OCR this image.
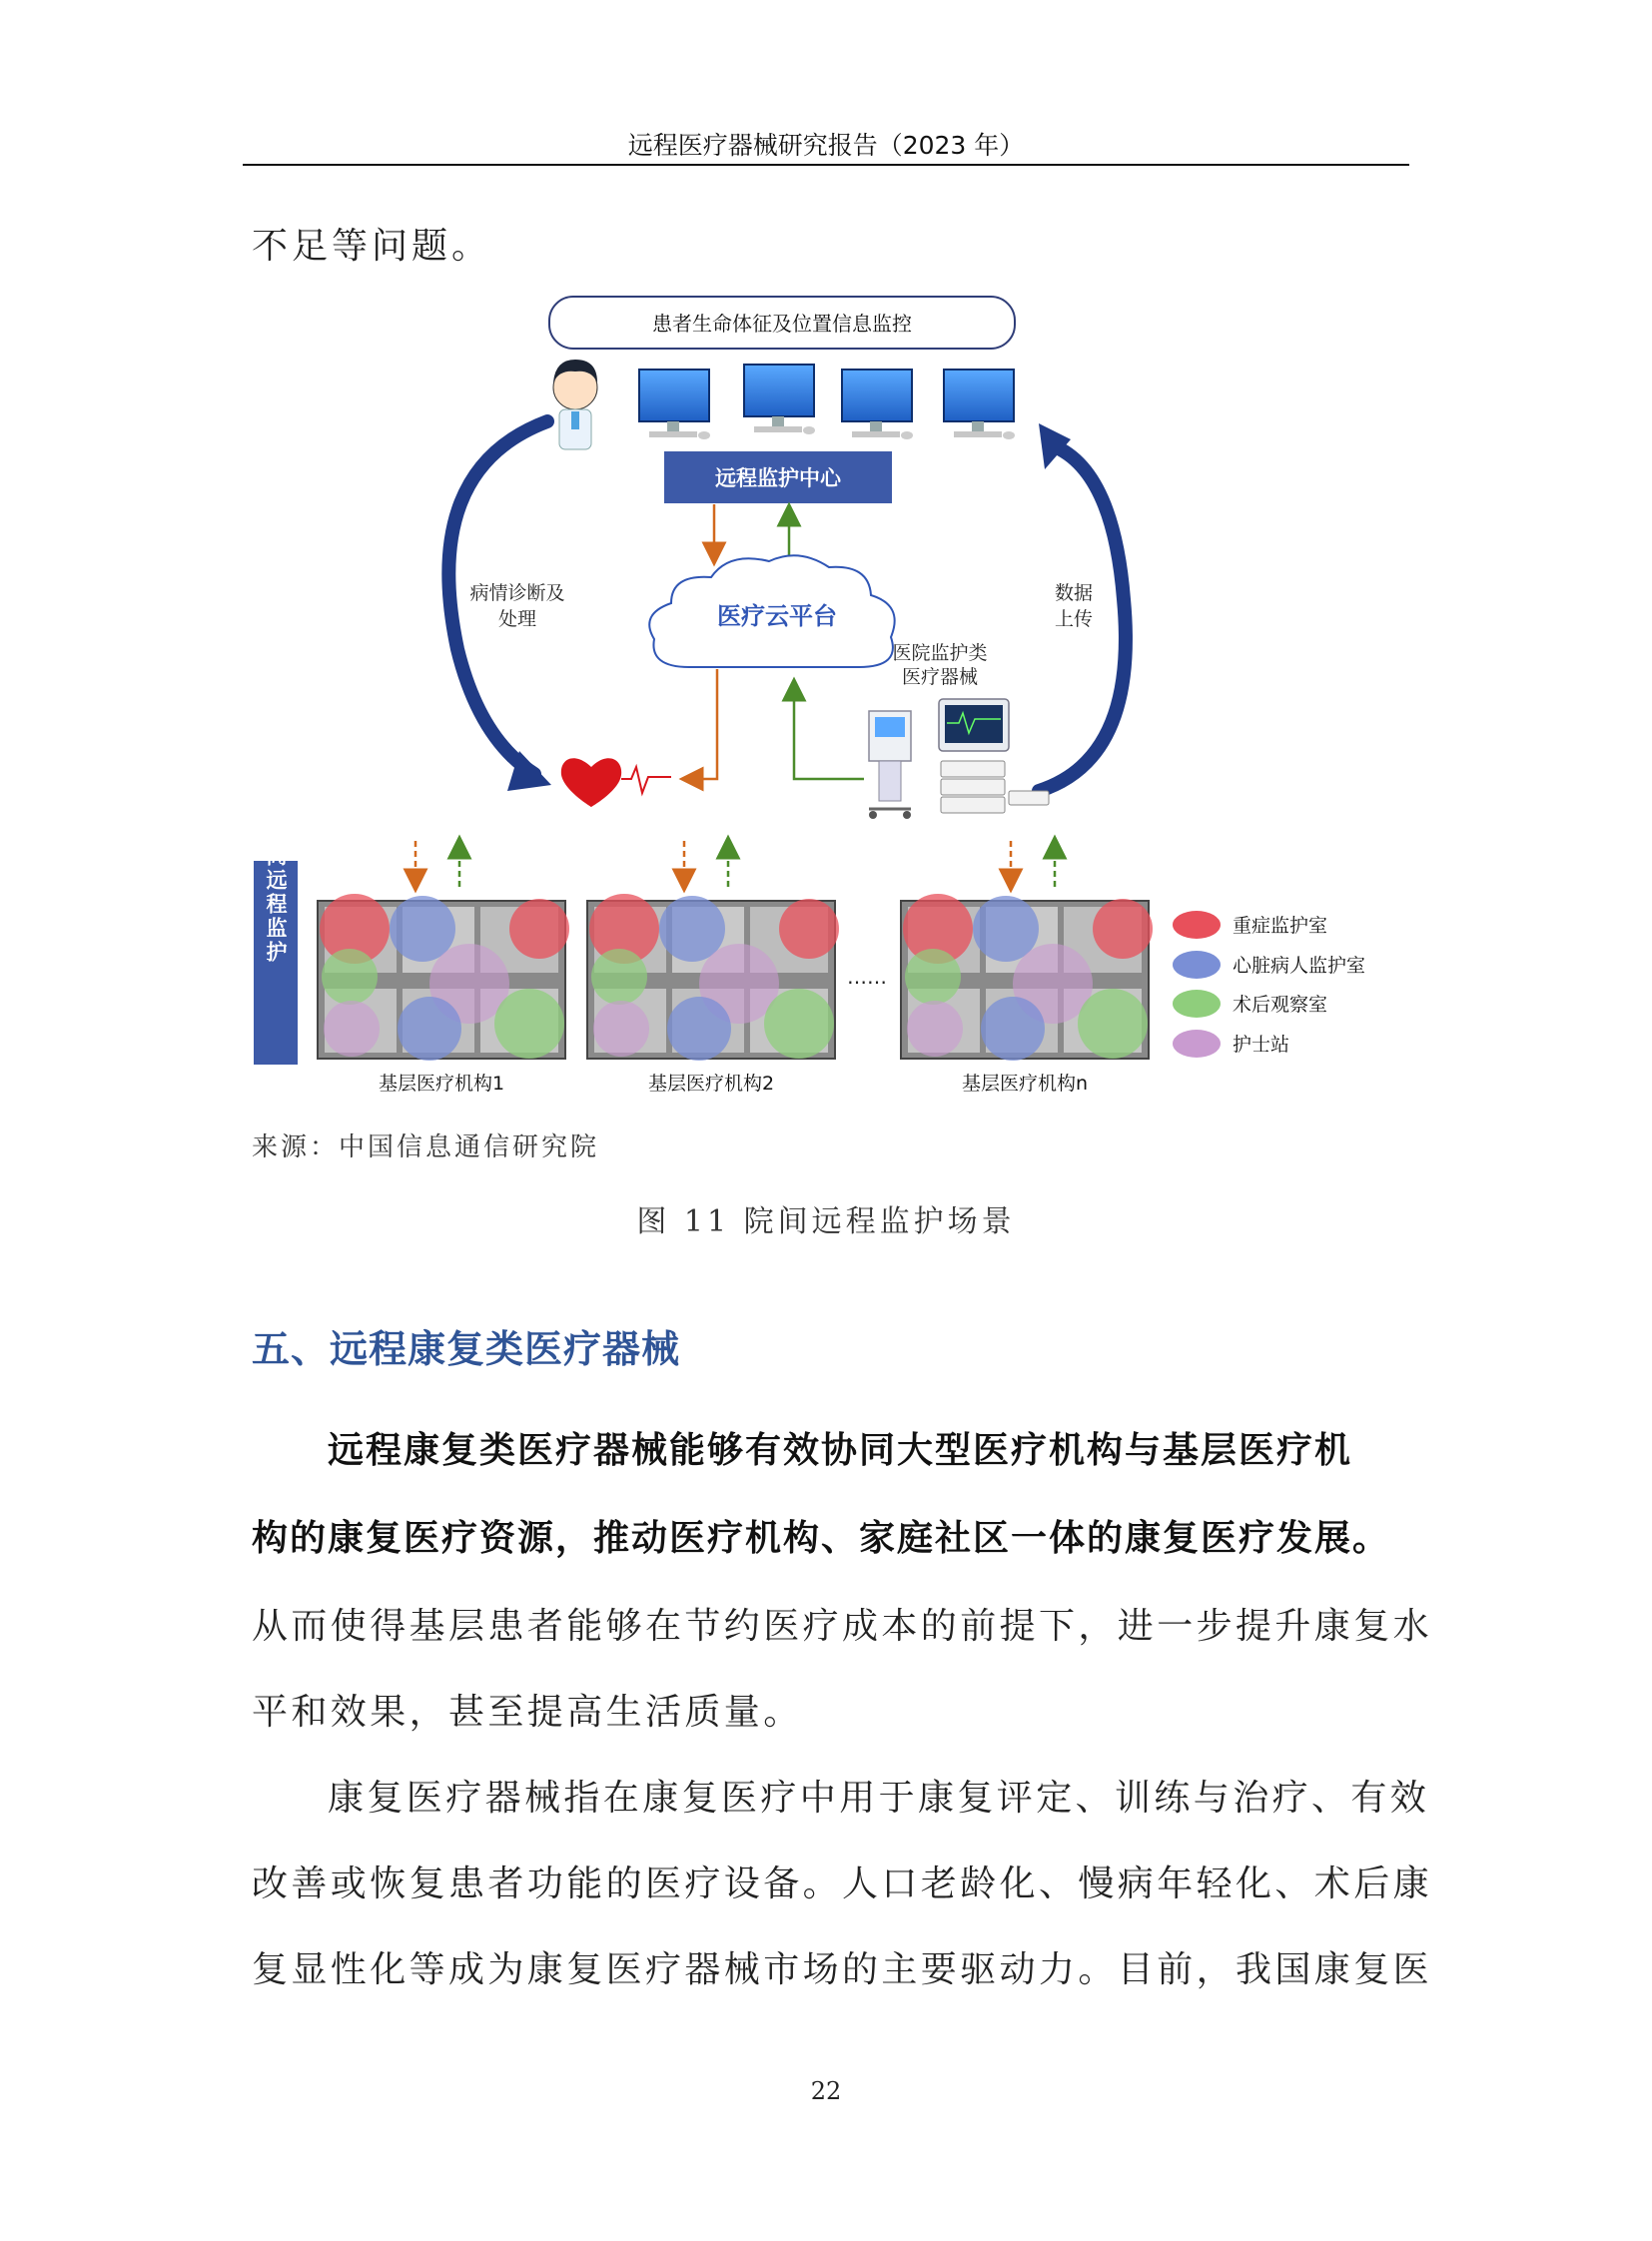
远程医疗器械研究报告（2023 年）
不足等问题。
患者生命体征及位置信息监控
远程监护中心
医疗云平台
病情诊断及
处理
数据
上传
医院监护类
医疗器械
院间远程监护
……
基层医疗机构1	基层医疗机构2	基层医疗机构n
重症监护室
心脏病人监护室
术后观察室
护士站
来源：中国信息通信研究院
图 11 院间远程监护场景
五、远程康复类医疗器械
远程康复类医疗器械能够有效协同大型医疗机构与基层医疗机
构的康复医疗资源，推动医疗机构、家庭社区一体的康复医疗发展。
从而使得基层患者能够在节约医疗成本的前提下，进一步提升康复水
平和效果，甚至提高生活质量。
康复医疗器械指在康复医疗中用于康复评定、训练与治疗、有效
改善或恢复患者功能的医疗设备。人口老龄化、慢病年轻化、术后康
复显性化等成为康复医疗器械市场的主要驱动力。目前，我国康复医
22
